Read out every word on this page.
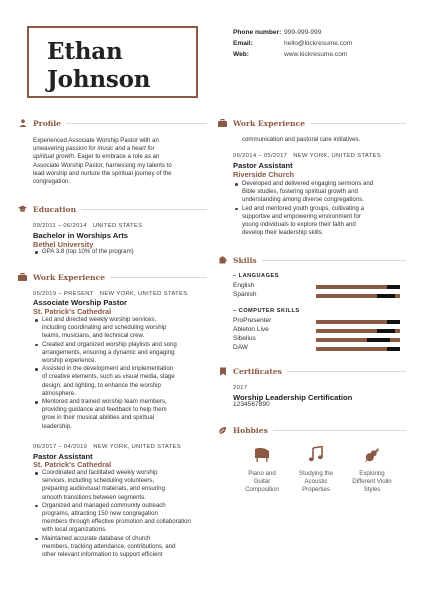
Ethan
Johnson
Phone number: 999-999-999
Email:	hello@kickresume.com
Web:	www.kickresume.com
Profile
Experienced Associate Worship Pastor with an
unwavering passion for music and a heart for
spiritual growth. Eager to embrace a role as an
Associate Worship Pastor, harnessing my talents to
lead worship and nurture the spiritual journey of the
congregation.
Education
09/2011 – 06/2014 UNITED STATES
Bachelor in Worships Arts
Bethel University
GPA 3.8 (top 10% of the program)
Work Experience
05/2019 – PRESENT NEW YORK, UNITED STATES
Associate Worship Pastor
St. Patrick's Cathedral
Led and directed weekly worship services,
including coordinating and scheduling worship
teams, musicians, and technical crew.
Created and organized worship playlists and song
arrangements, ensuring a dynamic and engaging
worship experience.
Assisted in the development and implementation
of creative elements, such as visual media, stage
design, and lighting, to enhance the worship
atmosphere.
Mentored and trained worship team members,
providing guidance and feedback to help them
grow in their musical abilities and spiritual
leadership.
06/2017 – 04/2019 NEW YORK, UNITED STATES
Pastor Assistant
St. Patrick's Cathedral
Coordinated and facilitated weekly worship
services, including scheduling volunteers,
preparing audiovisual materials, and ensuring
smooth transitions between segments.
Organized and managed community outreach
programs, attracting 150 new congregation
members through effective promotion and collaboration
with local organizations.
Maintained accurate database of church
members, tracking attendance, contributions, and
other relevant information to support efficient
Work Experience
communication and pastoral care initiatives.
06/2014 – 05/2017 NEW YORK, UNITED STATES
Pastor Assistant
Riverside Church
Developed and delivered engaging sermons and
Bible studies, fostering spiritual growth and
understanding among diverse congregations.
Led and mentored youth groups, cultivating a
supportive and empowering environment for
young individuals to explore their faith and
develop their leadership skills.
Skills
– LANGUAGES
English
Spanish
– COMPUTER SKILLS
ProPresenter
Ableton Live
Sibelius
DAW
Certificates
2017
Worship Leadership Certification
1234567890
Hobbies
Piano and
Guitar
Composition
Studying the
Acoustic
Properties
Exploring
Different Violin
Styles
